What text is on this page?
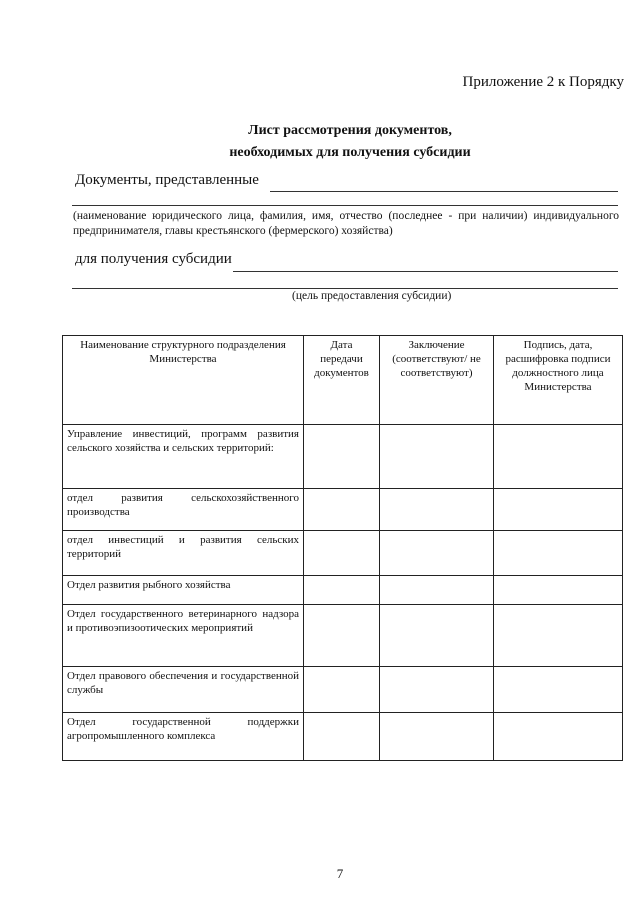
Приложение 2 к Порядку
Лист рассмотрения документов,
необходимых для получения субсидии
Документы, представленные
(наименование юридического лица, фамилия, имя, отчество (последнее - при наличии) индивидуального предпринимателя, главы крестьянского (фермерского) хозяйства)
для получения субсидии
(цель предоставления субсидии)
Наименование структурного подразделения Министерства	Дата передачи документов	Заключение (соответствуют/ не соответствуют)	Подпись, дата, расшифровка подписи должностного лица Министерства
Управление инвестиций, программ развития сельского хозяйства и сельских территорий:			
отдел развития сельскохозяйственного производства			
отдел инвестиций и развития сельских территорий			
Отдел развития рыбного хозяйства			
Отдел государственного ветеринарного надзора и противоэпизоотических мероприятий			
Отдел правового обеспечения и государственной службы			
Отдел государственной поддержки агропромышленного комплекса			
7
